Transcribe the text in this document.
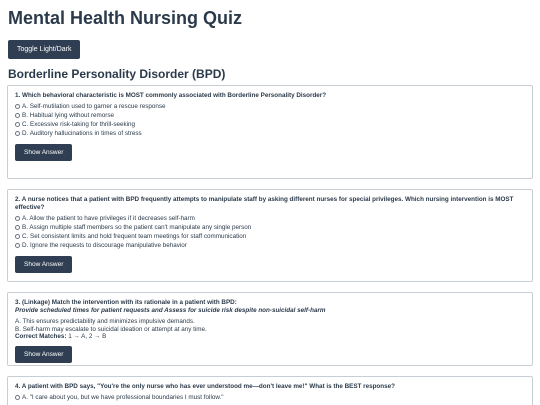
Mental Health Nursing Quiz
Toggle Light/Dark
Borderline Personality Disorder (BPD)
1. Which behavioral characteristic is MOST commonly associated with Borderline Personality Disorder?
A. Self-mutilation used to garner a rescue response
B. Habitual lying without remorse
C. Excessive risk-taking for thrill-seeking
D. Auditory hallucinations in times of stress
Show Answer
2. A nurse notices that a patient with BPD frequently attempts to manipulate staff by asking different nurses for special privileges. Which nursing intervention is MOST effective?
A. Allow the patient to have privileges if it decreases self-harm
B. Assign multiple staff members so the patient can't manipulate any single person
C. Set consistent limits and hold frequent team meetings for staff communication
D. Ignore the requests to discourage manipulative behavior
Show Answer
3. (Linkage) Match the intervention with its rationale in a patient with BPD:
Provide scheduled times for patient requests and Assess for suicide risk despite non-suicidal self-harm
A. This ensures predictability and minimizes impulsive demands.
B. Self-harm may escalate to suicidal ideation or attempt at any time.
Correct Matches: 1 → A, 2 → B
Show Answer
4. A patient with BPD says, "You're the only nurse who has ever understood me—don't leave me!" What is the BEST response?
A. "I care about you, but we have professional boundaries I must follow."
